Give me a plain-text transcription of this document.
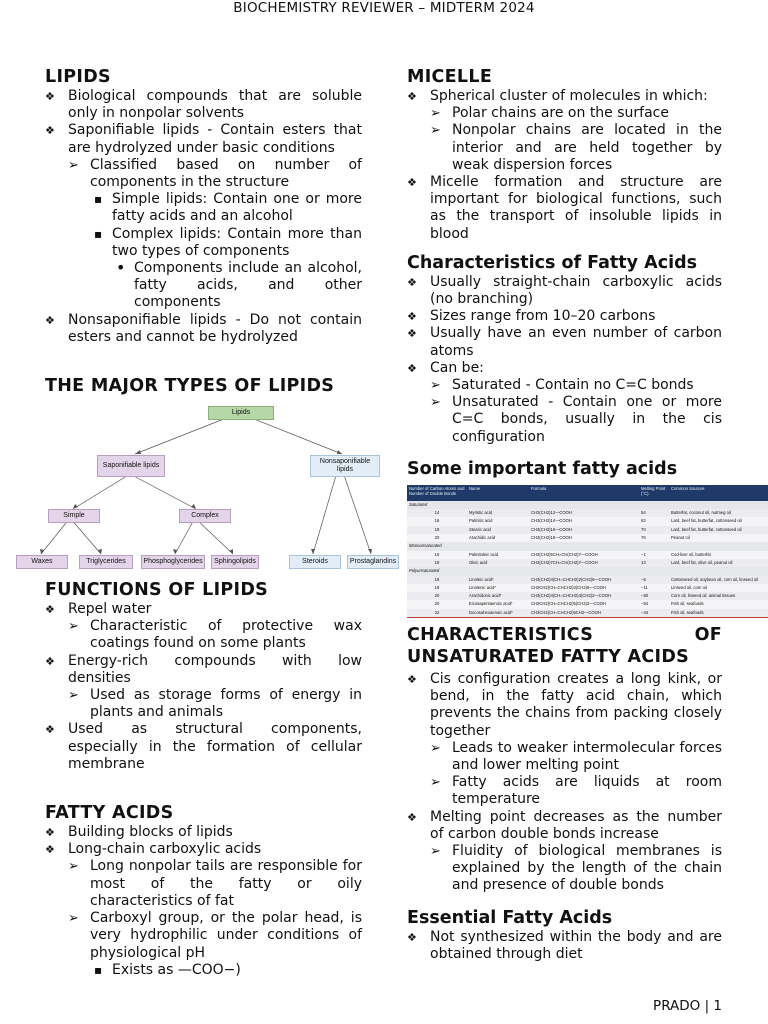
BIOCHEMISTRY REVIEWER – MIDTERM 2024
LIPIDS
❖ Biological compounds that are soluble only in nonpolar solvents
❖ Saponifiable lipids - Contain esters that are hydrolyzed under basic conditions
➢ Classified based on number of components in the structure
▪ Simple lipids: Contain one or more fatty acids and an alcohol
▪ Complex lipids: Contain more than two types of components
• Components include an alcohol, fatty acids, and other components
❖ Nonsaponifiable lipids - Do not contain esters and cannot be hydrolyzed
THE MAJOR TYPES OF LIPIDS
Lipids
Saponifiable lipids
Nonsaponifiable lipids
Simple	Complex
Waxes	Triglycerides	Phosphoglycerides	Sphingolipids	Steroids	Prostaglandins
FUNCTIONS OF LIPIDS
❖ Repel water
➢ Characteristic of protective wax coatings found on some plants
❖ Energy-rich compounds with low densities
➢ Used as storage forms of energy in plants and animals
❖ Used as structural components, especially in the formation of cellular membrane
FATTY ACIDS
❖ Building blocks of lipids
❖ Long-chain carboxylic acids
➢ Long nonpolar tails are responsible for most of the fatty or oily characteristics of fat
➢ Carboxyl group, or the polar head, is very hydrophilic under conditions of physiological pH
▪ Exists as —COO−)
MICELLE
❖ Spherical cluster of molecules in which:
➢ Polar chains are on the surface
➢ Nonpolar chains are located in the interior and are held together by weak dispersion forces
❖ Micelle formation and structure are important for biological functions, such as the transport of insoluble lipids in blood
Characteristics of Fatty Acids
❖ Usually straight-chain carboxylic acids (no branching)
❖ Sizes range from 10–20 carbons
❖ Usually have an even number of carbon atoms
❖ Can be:
➢ Saturated - Contain no C=C bonds
➢ Unsaturated - Contain one or more C=C bonds, usually in the cis configuration
Some important fatty acids
Number of Carbon Atoms and Number of Double Bonds	Name	Formula	Melting Point (°C)	Common Sources
Saturated				
14	Myristic acid	CH3(CH2)12—COOH	54	Butterfat, coconut oil, nutmeg oil
16	Palmitic acid	CH3(CH2)14—COOH	63	Lard, beef fat, butterfat, cottonseed oil
18	Stearic acid	CH3(CH2)16—COOH	70	Lard, beef fat, butterfat, cottonseed oil
20	Arachidic acid	CH3(CH2)18—COOH	76	Peanut oil
Monounsaturated				
16	Palmitoleic acid	CH3(CH2)5CH=CH(CH2)7—COOH	−1	Cod-liver oil, butterfat
18	Oleic acid	CH3(CH2)7CH=CH(CH2)7—COOH	13	Lard, beef fat, olive oil, peanut oil
Polyunsaturated				
18	Linoleic acid*	CH3(CH2)4(CH=CHCH2)2(CH2)6—COOH	−5	Cottonseed oil, soybean oil, corn oil, linseed oil
18	Linolenic acid*	CH3CH2(CH=CHCH2)3(CH2)6—COOH	−11	Linseed oil, corn oil
20	Arachidonic acid*	CH3(CH2)4(CH=CHCH2)4(CH2)2—COOH	−50	Corn oil, linseed oil, animal tissues
20	Eicosapentaenoic acid*	CH3CH2(CH=CHCH2)5(CH2)2—COOH	−54	Fish oil, seafoods
22	Docosahexaenoic acid*	CH3CH2(CH=CHCH2)6CH2—COOH	−44	Fish oil, seafoods
CHARACTERISTICS	OF
UNSATURATED FATTY ACIDS
❖ Cis configuration creates a long kink, or bend, in the fatty acid chain, which prevents the chains from packing closely together
➢ Leads to weaker intermolecular forces and lower melting point
➢ Fatty acids are liquids at room temperature
❖ Melting point decreases as the number of carbon double bonds increase
➢ Fluidity of biological membranes is explained by the length of the chain and presence of double bonds
Essential Fatty Acids
❖ Not synthesized within the body and are obtained through diet
PRADO | 1
